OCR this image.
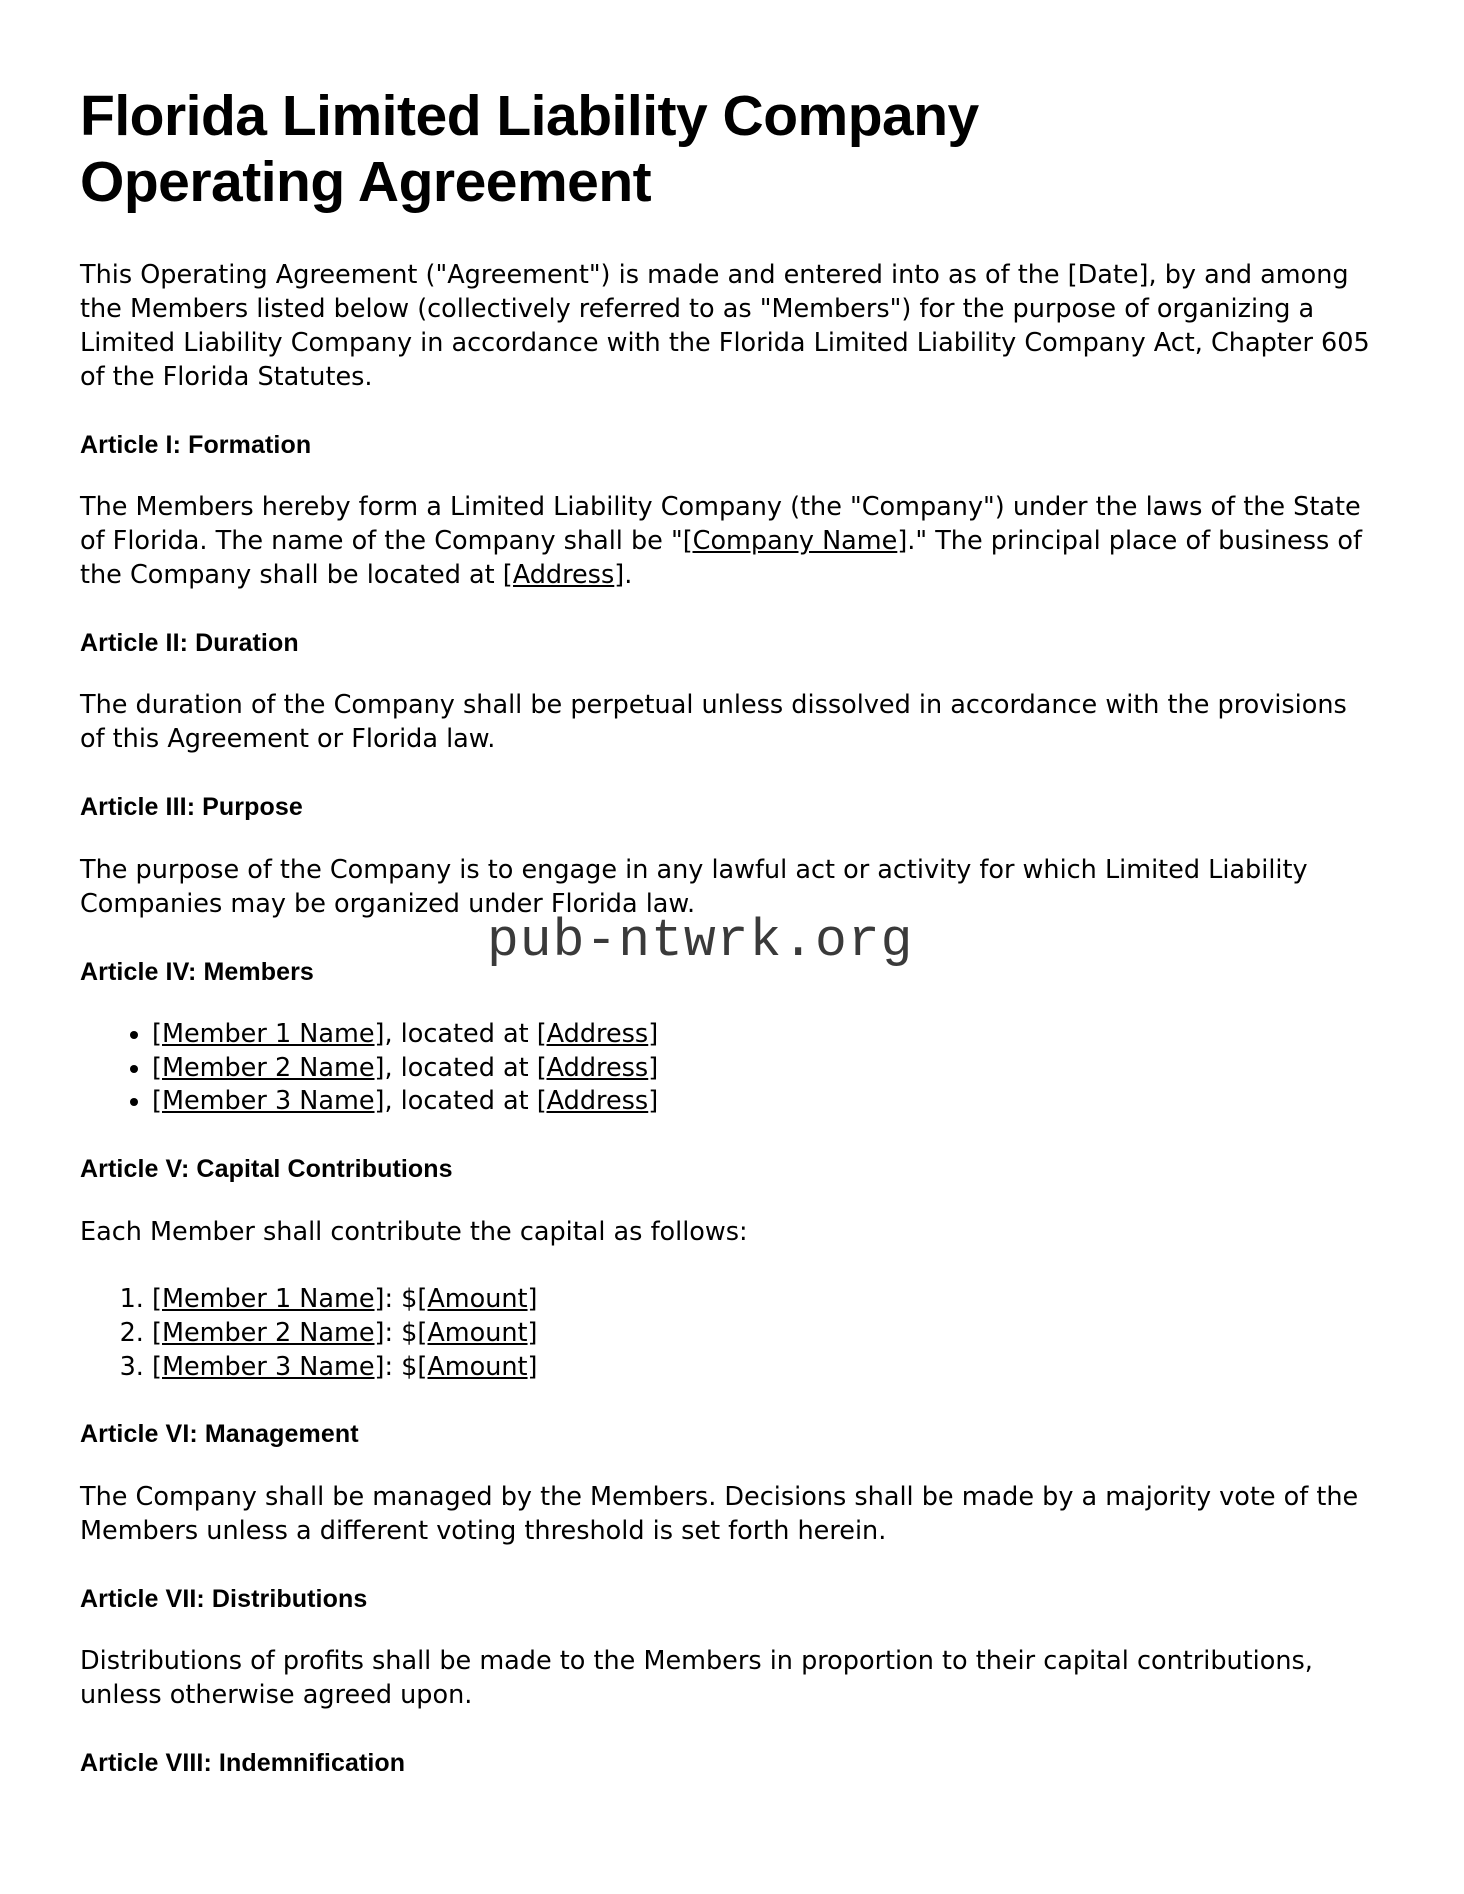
Florida Limited Liability Company Operating Agreement

This Operating Agreement ("Agreement") is made and entered into as of the [Date], by and among the Members listed below (collectively referred to as "Members") for the purpose of organizing a Limited Liability Company in accordance with the Florida Limited Liability Company Act, Chapter 605 of the Florida Statutes.

Article I: Formation

The Members hereby form a Limited Liability Company (the "Company") under the laws of the State of Florida. The name of the Company shall be "[Company Name]." The principal place of business of the Company shall be located at [Address].

Article II: Duration

The duration of the Company shall be perpetual unless dissolved in accordance with the provisions of this Agreement or Florida law.

Article III: Purpose

The purpose of the Company is to engage in any lawful act or activity for which Limited Liability Companies may be organized under Florida law.

Article IV: Members
• [Member 1 Name], located at [Address]
• [Member 2 Name], located at [Address]
• [Member 3 Name], located at [Address]
Article V: Capital Contributions

Each Member shall contribute the capital as follows:

1. [Member 1 Name]: $[Amount]
2. [Member 2 Name]: $[Amount]
3. [Member 3 Name]: $[Amount]
Article VI: Management

The Company shall be managed by the Members. Decisions shall be made by a majority vote of the Members unless a different voting threshold is set forth herein.

Article VII: Distributions

Distributions of profits shall be made to the Members in proportion to their capital contributions, unless otherwise agreed upon.

Article VIII: Indemnification
pub-ntwrk.org
